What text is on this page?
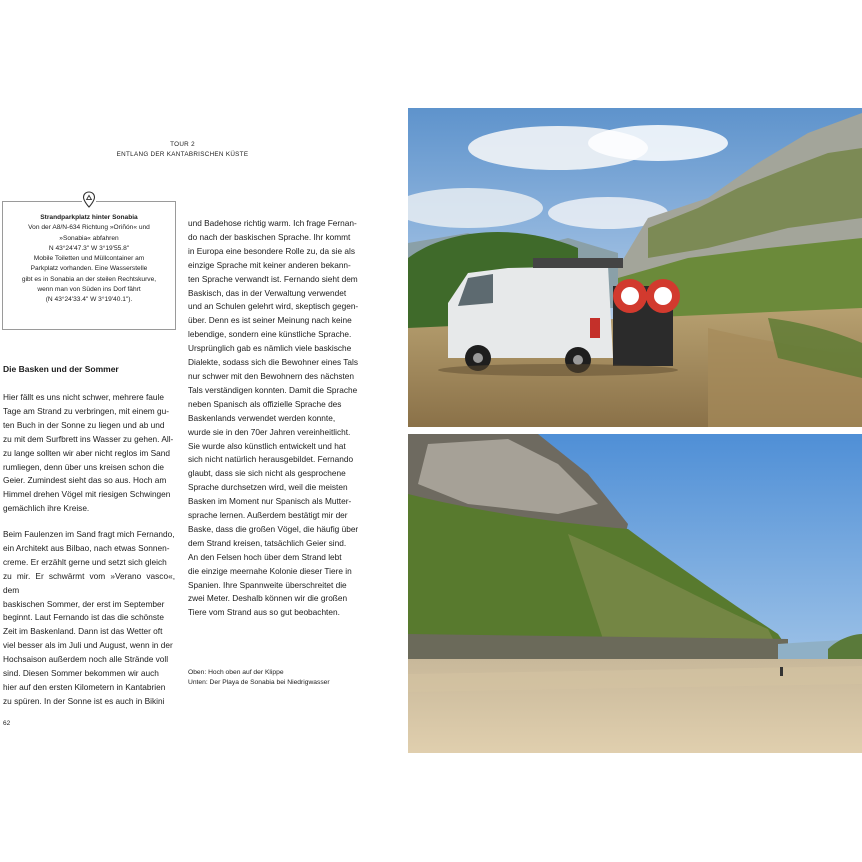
TOUR 2
ENTLANG DER KANTABRISCHEN KÜSTE
Strandparkplatz hinter Sonabia
Von der A8/N-634 Richtung »Oriñón« und
»Sonabia« abfahren
N 43°24'47.3" W 3°19'55.8"
Mobile Toiletten und Müllcontainer am
Parkplatz vorhanden. Eine Wasserstelle
gibt es in Sonabia an der steilen Rechtskurve,
wenn man von Süden ins Dorf fährt
(N 43°24'33.4" W 3°19'40.1").
Die Basken und der Sommer

Hier fällt es uns nicht schwer, mehrere faule

Tage am Strand zu verbringen, mit einem gu-

ten Buch in der Sonne zu liegen und ab und

zu mit dem Surfbrett ins Wasser zu gehen. All-

zu lange sollten wir aber nicht reglos im Sand

rumliegen, denn über uns kreisen schon die

Geier. Zumindest sieht das so aus. Hoch am

Himmel drehen Vögel mit riesigen Schwingen

gemächlich ihre Kreise.

Beim Faulenzen im Sand fragt mich Fernando,

ein Architekt aus Bilbao, nach etwas Sonnen-

creme. Er erzählt gerne und setzt sich gleich

zu mir. Er schwärmt vom »Verano vasco«, dem

baskischen Sommer, der erst im September

beginnt. Laut Fernando ist das die schönste

Zeit im Baskenland. Dann ist das Wetter oft

viel besser als im Juli und August, wenn in der

Hochsaison außerdem noch alle Strände voll

sind. Diesen Sommer bekommen wir auch

hier auf den ersten Kilometern in Kantabrien

zu spüren. In der Sonne ist es auch in Bikini

und Badehose richtig warm. Ich frage Fernan-

do nach der baskischen Sprache. Ihr kommt

in Europa eine besondere Rolle zu, da sie als

einzige Sprache mit keiner anderen bekann-

ten Sprache verwandt ist. Fernando sieht dem

Baskisch, das in der Verwaltung verwendet

und an Schulen gelehrt wird, skeptisch gegen-

über. Denn es ist seiner Meinung nach keine

lebendige, sondern eine künstliche Sprache.

Ursprünglich gab es nämlich viele baskische

Dialekte, sodass sich die Bewohner eines Tals

nur schwer mit den Bewohnern des nächsten

Tals verständigen konnten. Damit die Sprache

neben Spanisch als offizielle Sprache des

Baskenlands verwendet werden konnte,

wurde sie in den 70er Jahren vereinheitlicht.

Sie wurde also künstlich entwickelt und hat

sich nicht natürlich herausgebildet. Fernando

glaubt, dass sie sich nicht als gesprochene

Sprache durchsetzen wird, weil die meisten

Basken im Moment nur Spanisch als Mutter-

sprache lernen. Außerdem bestätigt mir der

Baske, dass die großen Vögel, die häufig über

dem Strand kreisen, tatsächlich Geier sind.

An den Felsen hoch über dem Strand lebt

die einzige meernahe Kolonie dieser Tiere in

Spanien. Ihre Spannweite überschreitet die

zwei Meter. Deshalb können wir die großen

Tiere vom Strand aus so gut beobachten.

Oben: Hoch oben auf der Klippe
Unten: Der Playa de Sonabia bei Niedrigwasser
62
